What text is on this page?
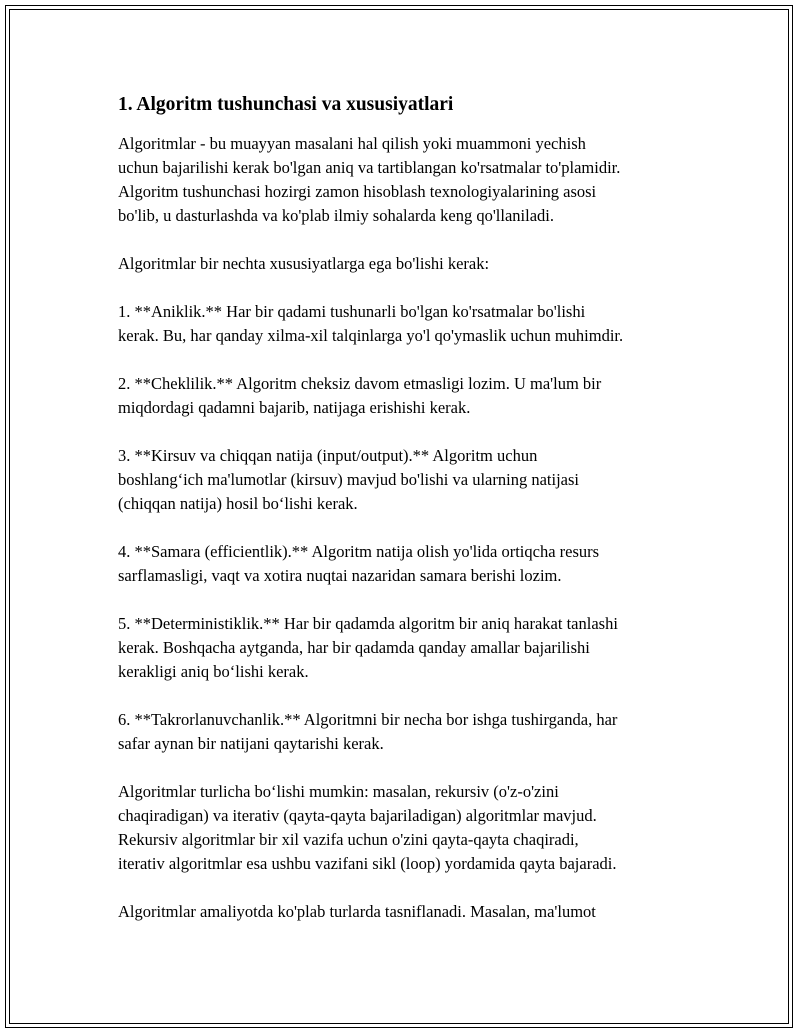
1. Algoritm tushunchasi va xususiyatlari
Algoritmlar - bu muayyan masalani hal qilish yoki muammoni yechish
uchun bajarilishi kerak bo'lgan aniq va tartiblangan ko'rsatmalar to'plamidir.
Algoritm tushunchasi hozirgi zamon hisoblash texnologiyalarining asosi
bo'lib, u dasturlashda va ko'plab ilmiy sohalarda keng qo'llaniladi.
Algoritmlar bir nechta xususiyatlarga ega bo'lishi kerak:
1. **Aniklik.** Har bir qadami tushunarli bo'lgan ko'rsatmalar bo'lishi
kerak. Bu, har qanday xilma-xil talqinlarga yo'l qo'ymaslik uchun muhimdir.
2. **Cheklilik.** Algoritm cheksiz davom etmasligi lozim. U ma'lum bir
miqdordagi qadamni bajarib, natijaga erishishi kerak.
3. **Kirsuv va chiqqan natija (input/output).** Algoritm uchun
boshlang‘ich ma'lumotlar (kirsuv) mavjud bo'lishi va ularning natijasi
(chiqqan natija) hosil bo‘lishi kerak.
4. **Samara (efficientlik).** Algoritm natija olish yo'lida ortiqcha resurs
sarflamasligi, vaqt va xotira nuqtai nazaridan samara berishi lozim.
5. **Deterministiklik.** Har bir qadamda algoritm bir aniq harakat tanlashi
kerak. Boshqacha aytganda, har bir qadamda qanday amallar bajarilishi
kerakligi aniq bo‘lishi kerak.
6. **Takrorlanuvchanlik.** Algoritmni bir necha bor ishga tushirganda, har
safar aynan bir natijani qaytarishi kerak.
Algoritmlar turlicha bo‘lishi mumkin: masalan, rekursiv (o'z-o'zini
chaqiradigan) va iterativ (qayta-qayta bajariladigan) algoritmlar mavjud.
Rekursiv algoritmlar bir xil vazifa uchun o'zini qayta-qayta chaqiradi,
iterativ algoritmlar esa ushbu vazifani sikl (loop) yordamida qayta bajaradi.
Algoritmlar amaliyotda ko'plab turlarda tasniflanadi. Masalan, ma'lumot
